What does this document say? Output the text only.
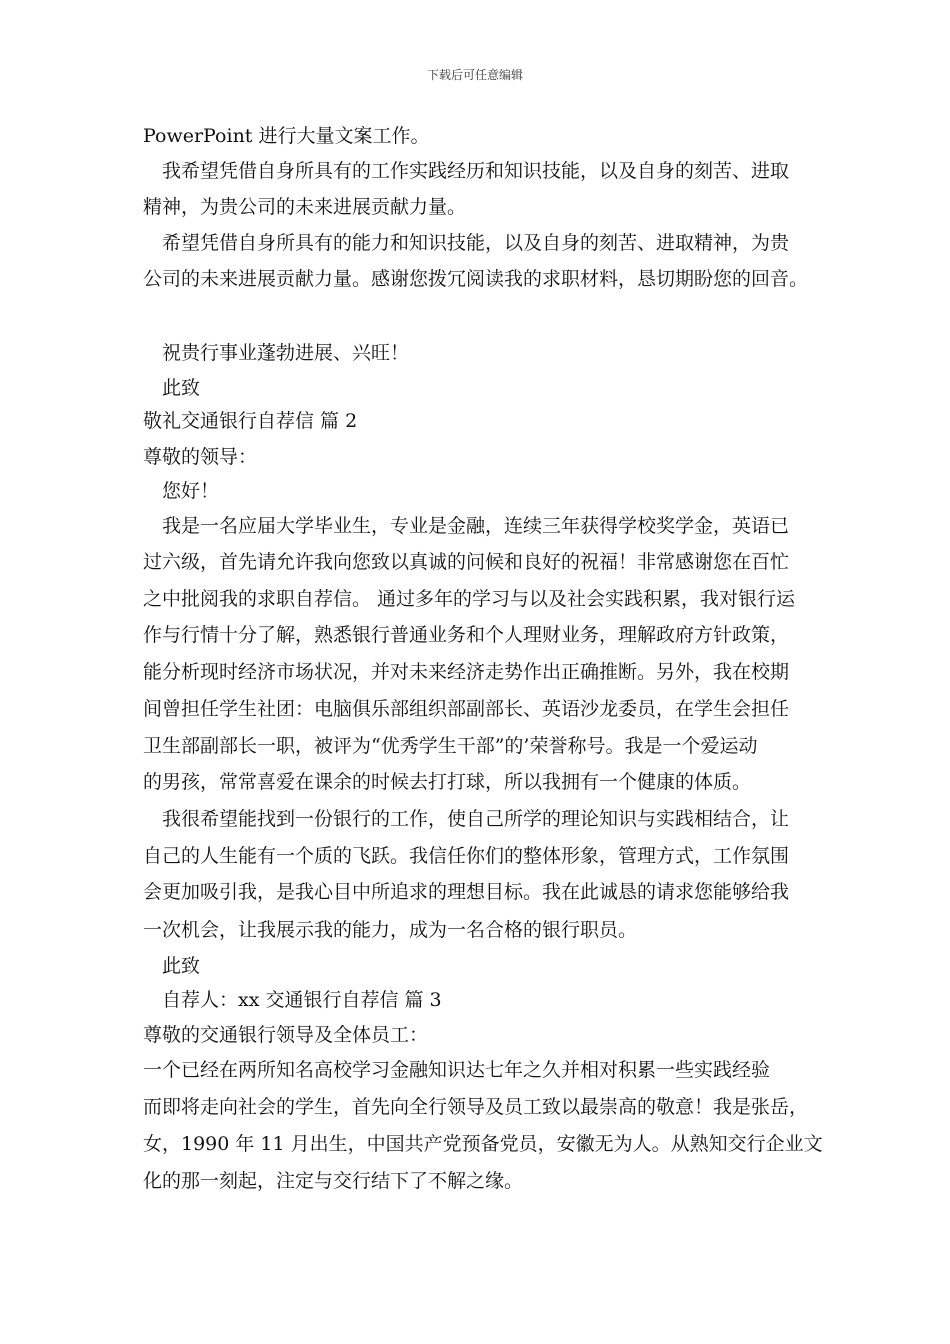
下载后可任意编辑
PowerPoint 进行大量文案工作。
　我希望凭借自身所具有的工作实践经历和知识技能，以及自身的刻苦、进取
精神，为贵公司的未来进展贡献力量。
　希望凭借自身所具有的能力和知识技能，以及自身的刻苦、进取精神，为贵
公司的未来进展贡献力量。感谢您拨冗阅读我的求职材料，恳切期盼您的回音。
　祝贵行事业蓬勃进展、兴旺！
　此致
敬礼交通银行自荐信 篇 2
尊敬的领导：
　您好！
　我是一名应届大学毕业生，专业是金融，连续三年获得学校奖学金，英语已
过六级，首先请允许我向您致以真诚的问候和良好的祝福！非常感谢您在百忙
之中批阅我的求职自荐信。 通过多年的学习与以及社会实践积累，我对银行运
作与行情十分了解，熟悉银行普通业务和个人理财业务，理解政府方针政策，
能分析现时经济市场状况，并对未来经济走势作出正确推断。另外，我在校期
间曾担任学生社团：电脑俱乐部组织部副部长、英语沙龙委员，在学生会担任
卫生部副部长一职，被评为“优秀学生干部”的’荣誉称号。我是一个爱运动
的男孩，常常喜爱在课余的时候去打打球，所以我拥有一个健康的体质。
　我很希望能找到一份银行的工作，使自己所学的理论知识与实践相结合，让
自己的人生能有一个质的飞跃。我信任你们的整体形象，管理方式，工作氛围
会更加吸引我，是我心目中所追求的理想目标。我在此诚恳的请求您能够给我
一次机会，让我展示我的能力，成为一名合格的银行职员。
　此致
　自荐人：xx 交通银行自荐信 篇 3
尊敬的交通银行领导及全体员工：
一个已经在两所知名高校学习金融知识达七年之久并相对积累一些实践经验
而即将走向社会的学生，首先向全行领导及员工致以最崇高的敬意！我是张岳，
女，1990 年 11 月出生，中国共产党预备党员，安徽无为人。从熟知交行企业文
化的那一刻起，注定与交行结下了不解之缘。
